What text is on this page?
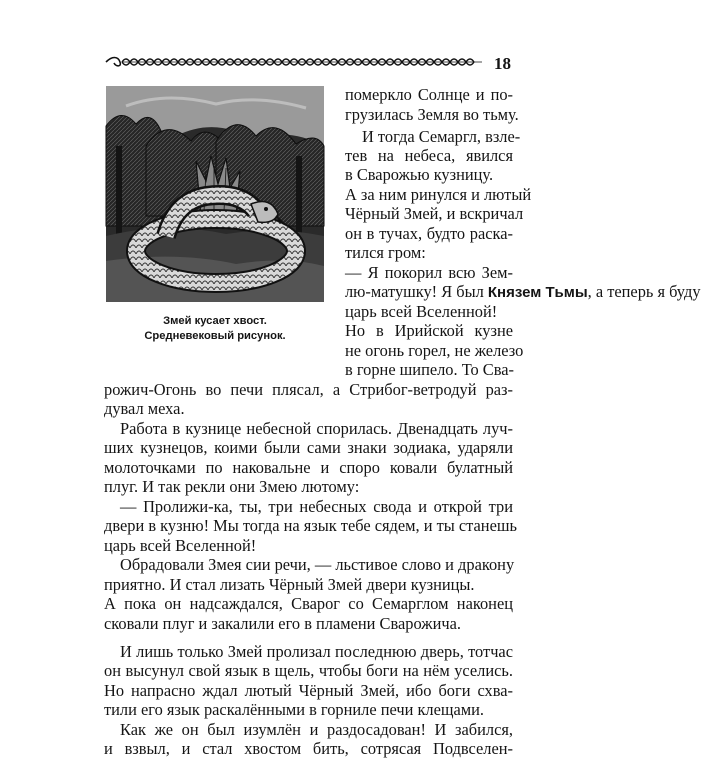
18
Змей кусает хвост.
Средневековый рисунок.
померкло Солнце и по-
грузилась Земля во тьму.
И тогда Семаргл, взле-
тев на небеса, явился
в Сварожью кузницу.
А за ним ринулся и лютый
Чёрный Змей, и вскричал
он в тучах, будто раска-
тился гром:
— Я покорил всю Зем-
лю-матушку! Я был Князем Тьмы, а теперь я буду
царь всей Вселенной!
Но в Ирийской кузне
не огонь горел, не железо
в горне шипело. То Сва-
рожич-Огонь во печи плясал, а Стрибог-ветродуй раз-
дувал меха.
Работа в кузнице небесной спорилась. Двенадцать луч-
ших кузнецов, коими были сами знаки зодиака, ударяли
молоточками по наковальне и споро ковали булатный
плуг. И так рекли они Змею лютому:
— Пролижи-ка, ты, три небесных свода и открой три
двери в кузню! Мы тогда на язык тебе сядем, и ты станешь
царь всей Вселенной!
Обрадовали Змея сии речи, — льстивое слово и дракону
приятно. И стал лизать Чёрный Змей двери кузницы.
А пока он надсаждался, Сварог со Семарглом наконец
сковали плуг и закалили его в пламени Сварожича.
И лишь только Змей пролизал последнюю дверь, тотчас
он высунул свой язык в щель, чтобы боги на нём уселись.
Но напрасно ждал лютый Чёрный Змей, ибо боги схва-
тили его язык раскалёнными в горниле печи клещами.
Как же он был изумлён и раздосадован! И забился,
и взвыл, и стал хвостом бить, сотрясая Подвселен-
